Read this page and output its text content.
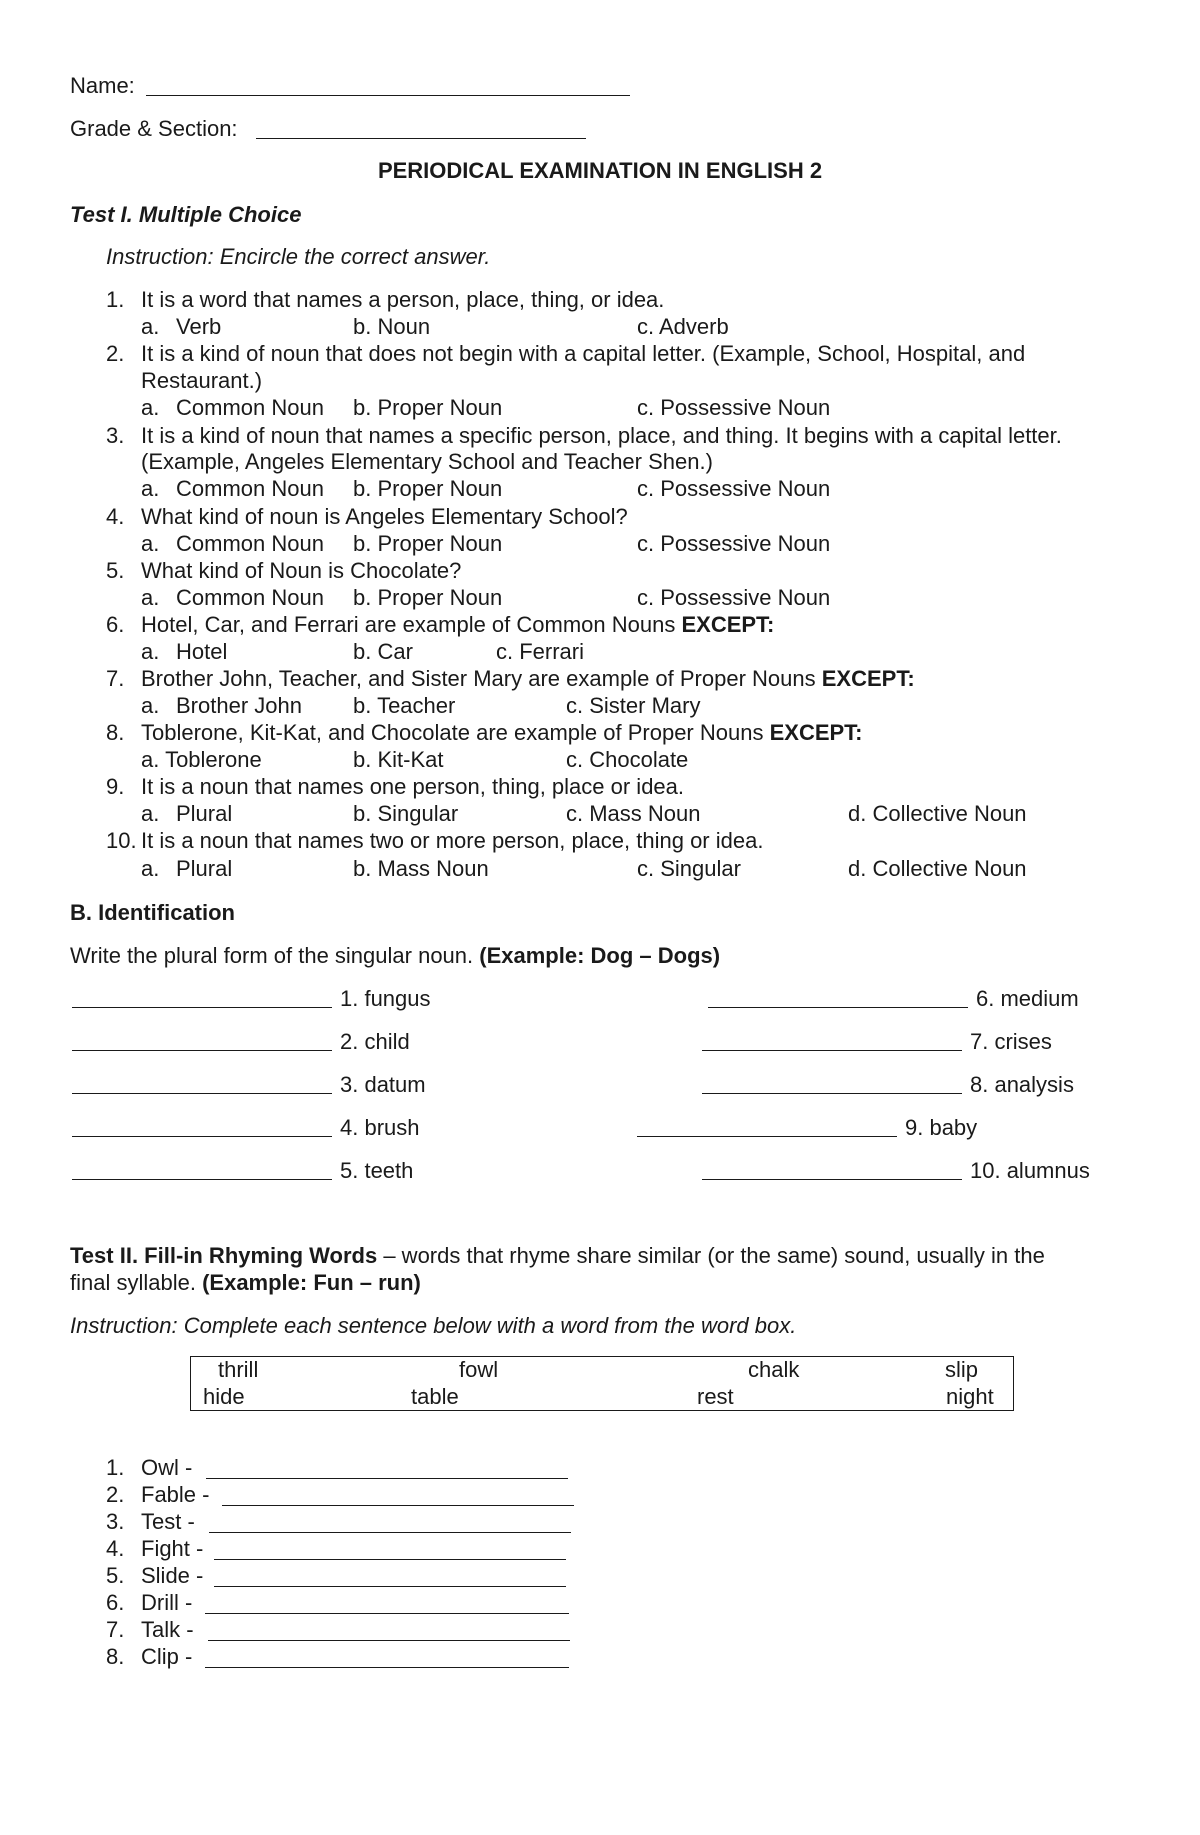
Name:
Grade & Section:
PERIODICAL EXAMINATION IN ENGLISH 2
Test I. Multiple Choice
Instruction: Encircle the correct answer.
1. It is a word that names a person, place, thing, or idea.
a. Verb	b. Noun	c. Adverb
2. It is a kind of noun that does not begin with a capital letter. (Example, School, Hospital, and
Restaurant.)
a. Common Noun b. Proper Noun	c. Possessive Noun
3. It is a kind of noun that names a specific person, place, and thing. It begins with a capital letter.
(Example, Angeles Elementary School and Teacher Shen.)
a. Common Noun b. Proper Noun	c. Possessive Noun
4. What kind of noun is Angeles Elementary School?
a. Common Noun b. Proper Noun	c. Possessive Noun
5. What kind of Noun is Chocolate?
a. Common Noun b. Proper Noun	c. Possessive Noun
6. Hotel, Car, and Ferrari are example of Common Nouns EXCEPT:
a. Hotel	b. Car	c. Ferrari
7. Brother John, Teacher, and Sister Mary are example of Proper Nouns EXCEPT:
a. Brother John b. Teacher	c. Sister Mary
8. Toblerone, Kit-Kat, and Chocolate are example of Proper Nouns EXCEPT:
a. Toblerone	b. Kit-Kat	c. Chocolate
9. It is a noun that names one person, thing, place or idea.
a. Plural	b. Singular	c. Mass Noun	d. Collective Noun
10. It is a noun that names two or more person, place, thing or idea.
a. Plural	b. Mass Noun	c. Singular	d. Collective Noun
B. Identification
Write the plural form of the singular noun. (Example: Dog – Dogs)
1. fungus
2. child
3. datum
4. brush
5. teeth
6. medium
7. crises
8. analysis
9. baby
10. alumnus
Test II. Fill-in Rhyming Words – words that rhyme share similar (or the same) sound, usually in the
final syllable. (Example: Fun – run)
Instruction: Complete each sentence below with a word from the word box.
thrill	fowl	chalk	slip
hide	table	rest	night
1. Owl -
2. Fable -
3. Test -
4. Fight -
5. Slide -
6. Drill -
7. Talk -
8. Clip -
